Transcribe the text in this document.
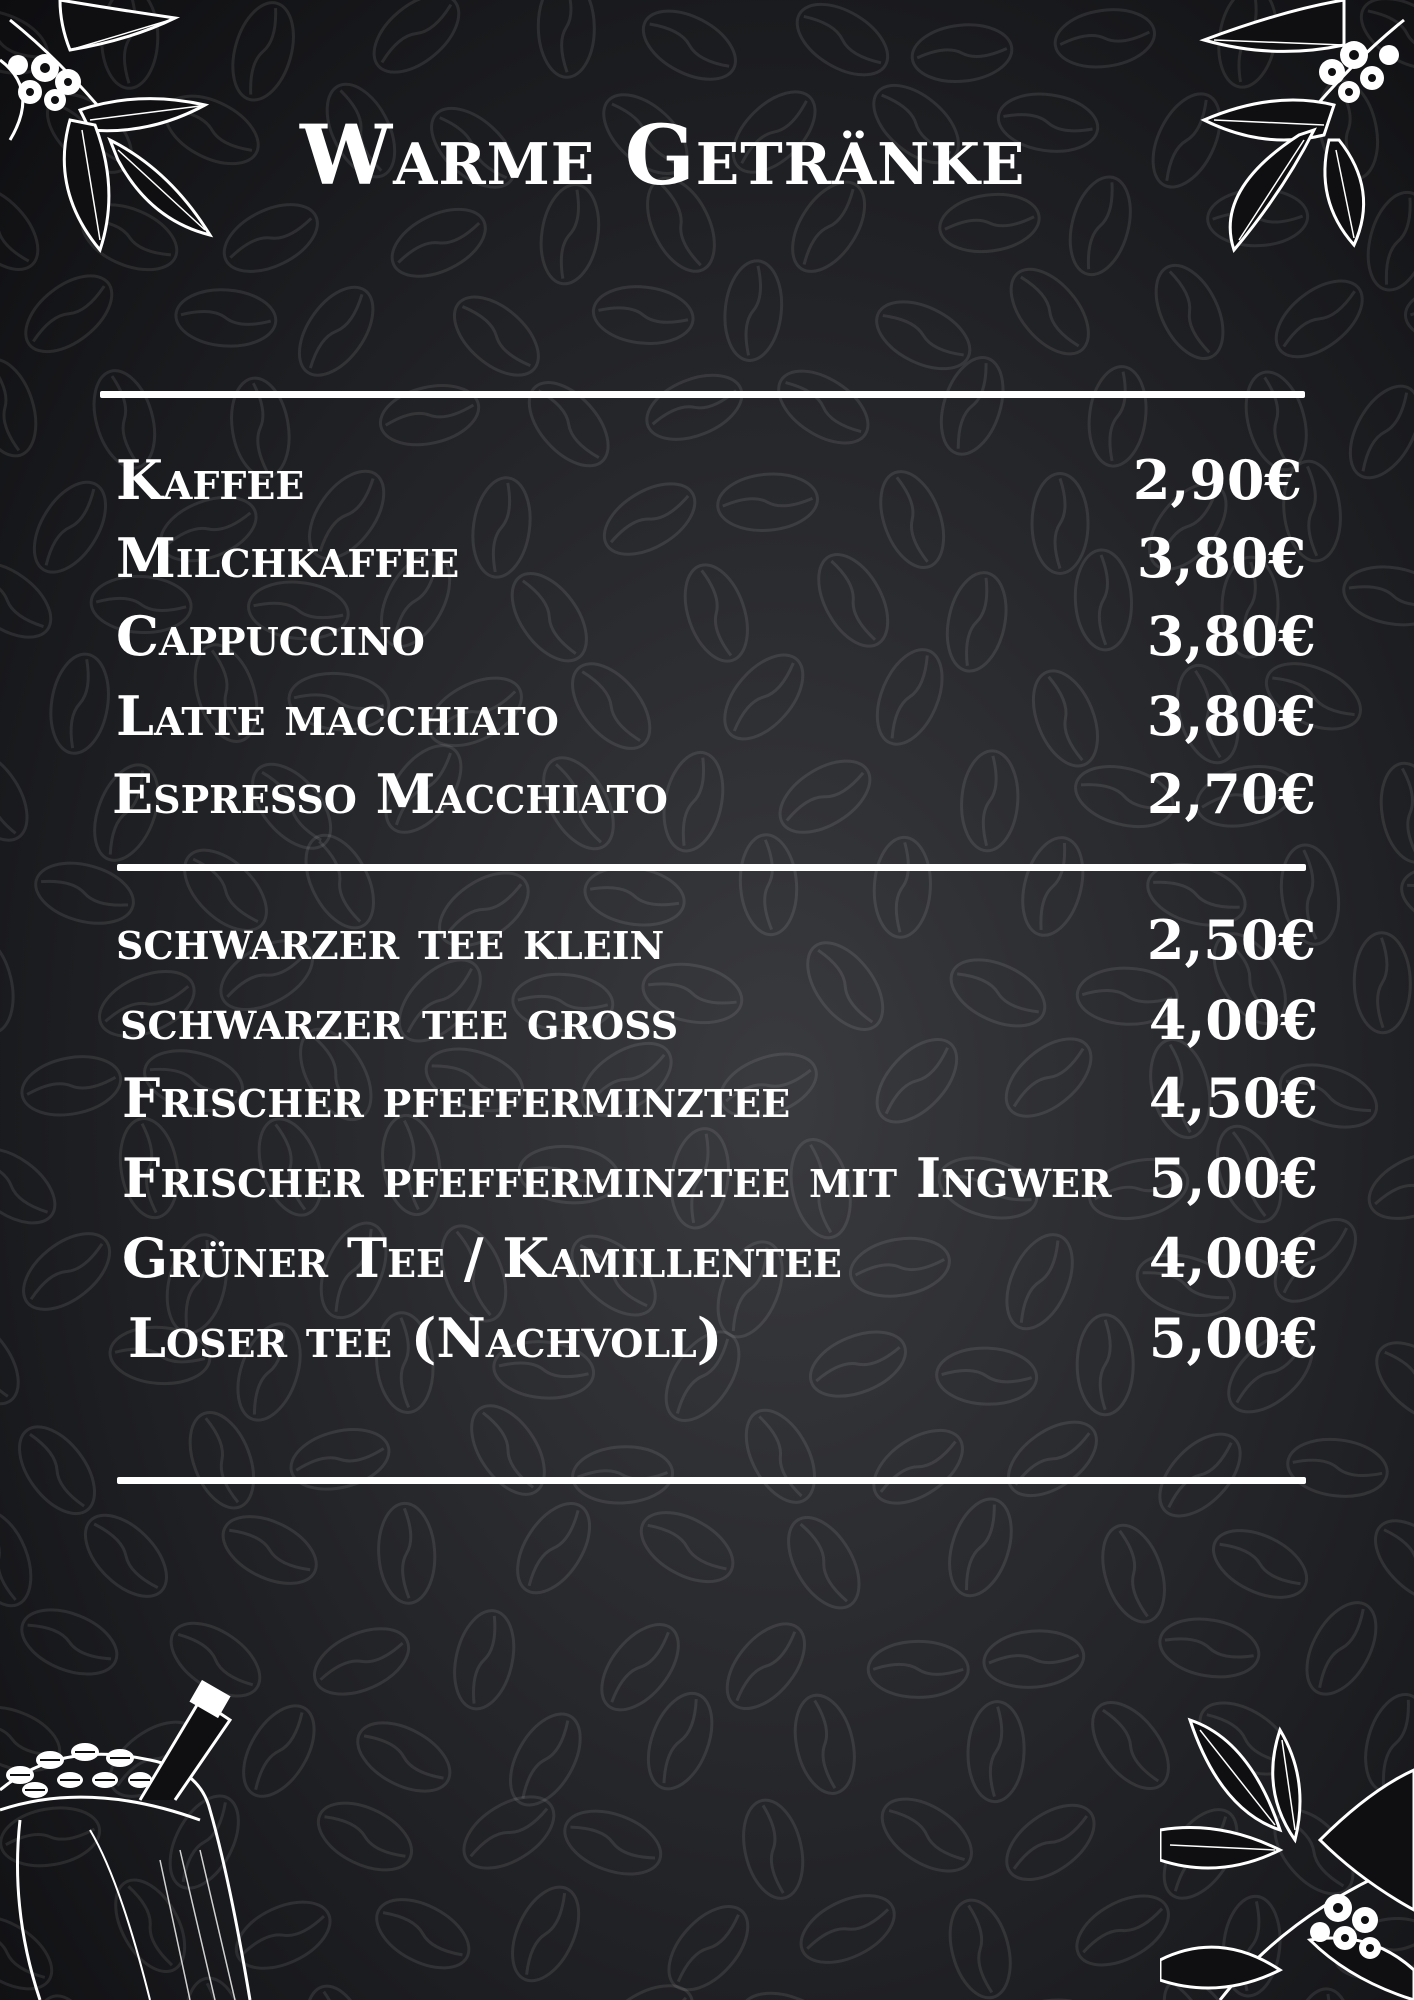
Warme Getränke
Kaffee	2,90€
Milchkaffee	3,80€
Cappuccino	3,80€
Latte macchiato	3,80€
Espresso Macchiato	2,70€
schwarzer tee klein	2,50€
schwarzer tee groß	4,00€
Frischer pfefferminztee	4,50€
Frischer pfefferminztee mit Ingwer 5,00€
Grüner Tee / Kamillentee	4,00€
Loser tee (Nachvoll)	5,00€
